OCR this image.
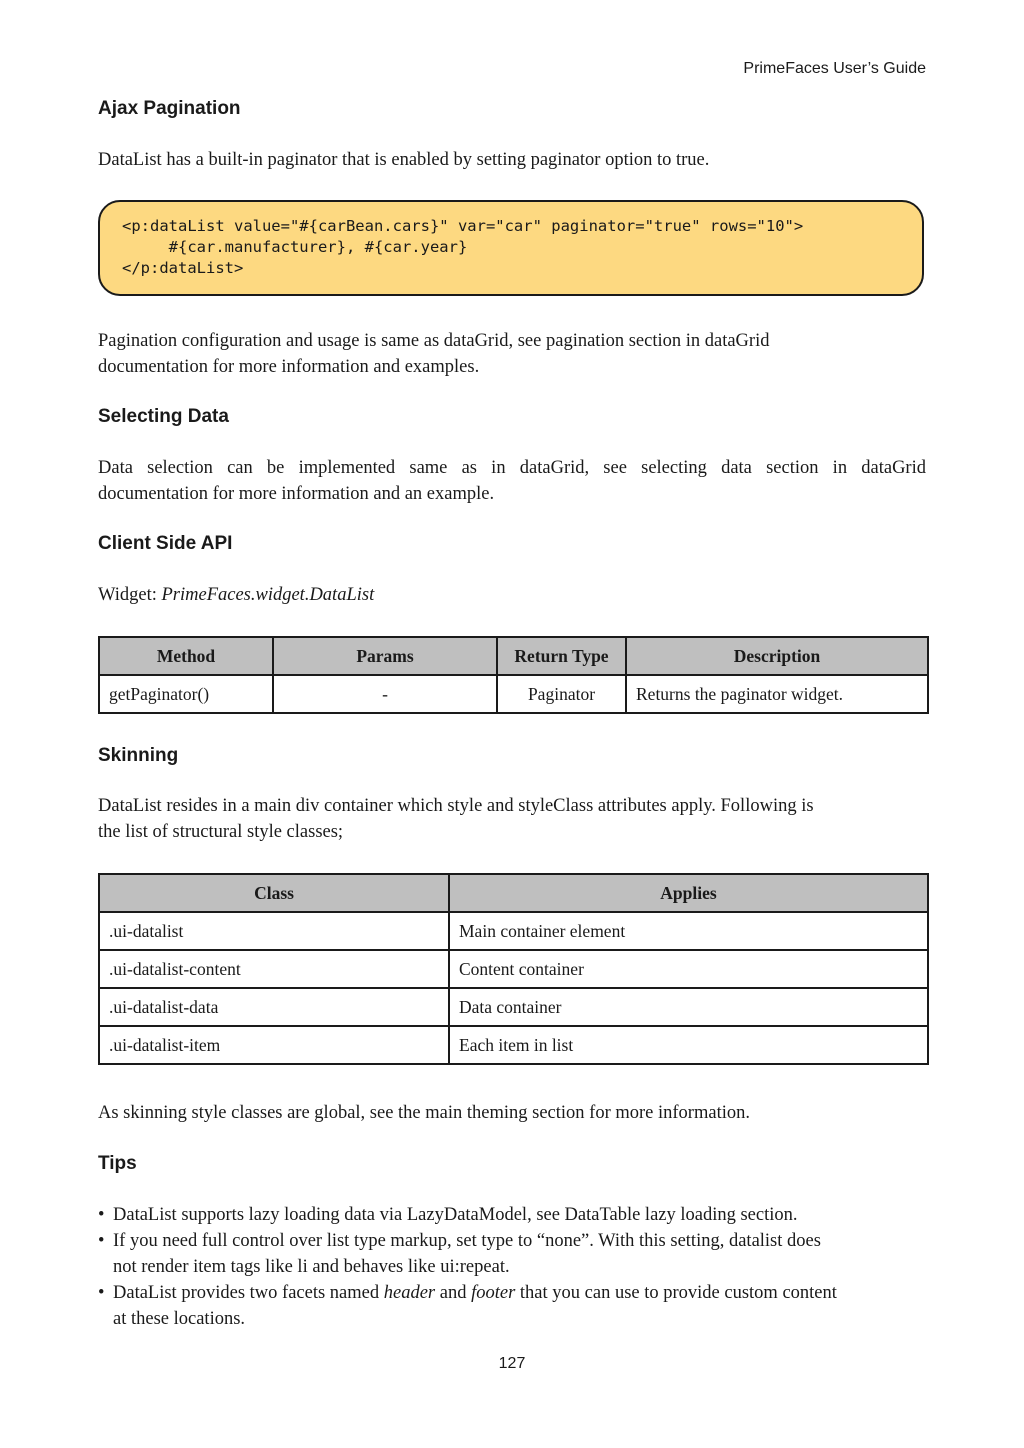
PrimeFaces User’s Guide
Ajax Pagination
DataList has a built-in paginator that is enabled by setting paginator option to true.
<p:dataList value="#{carBean.cars}" var="car" paginator="true" rows="10">
#{car.manufacturer}, #{car.year}
</p:dataList>
Pagination configuration and usage is same as dataGrid, see pagination section in dataGrid
documentation for more information and examples.
Selecting Data
Data selection can be implemented same as in dataGrid, see selecting data section in dataGrid
documentation for more information and an example.
Client Side API
Widget: PrimeFaces.widget.DataList
Method	Params	Return Type	Description
getPaginator()	-	Paginator	Returns the paginator widget.
Skinning
DataList resides in a main div container which style and styleClass attributes apply. Following is
the list of structural style classes;
Class	Applies
.ui-datalist	Main container element
.ui-datalist-content	Content container
.ui-datalist-data	Data container
.ui-datalist-item	Each item in list
As skinning style classes are global, see the main theming section for more information.
Tips
• DataList supports lazy loading data via LazyDataModel, see DataTable lazy loading section.
• If you need full control over list type markup, set type to “none”. With this setting, datalist does
not render item tags like li and behaves like ui:repeat.
• DataList provides two facets named header and footer that you can use to provide custom content
at these locations.
127
